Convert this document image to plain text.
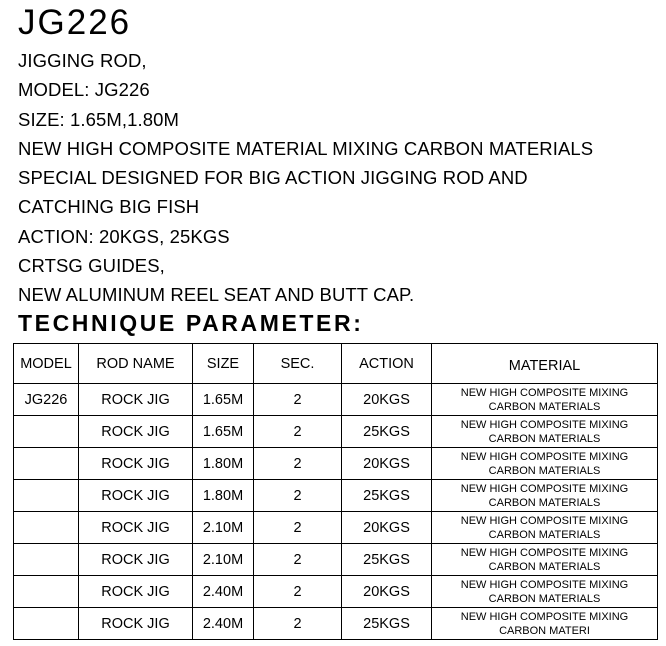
JG226
JIGGING ROD,
MODEL: JG226
SIZE: 1.65M,1.80M
NEW HIGH COMPOSITE MATERIAL MIXING CARBON MATERIALS
SPECIAL DESIGNED FOR BIG ACTION JIGGING ROD AND
CATCHING BIG FISH
ACTION: 20KGS, 25KGS
CRTSG GUIDES,
NEW ALUMINUM REEL SEAT AND BUTT CAP.
TECHNIQUE PARAMETER:
MODEL	ROD NAME	SIZE	SEC.	ACTION	MATERIAL
JG226	ROCK JIG	1.65M	2	20KGS	NEW HIGH COMPOSITE MIXING
CARBON MATERIALS
	ROCK JIG	1.65M	2	25KGS	NEW HIGH COMPOSITE MIXING
CARBON MATERIALS
	ROCK JIG	1.80M	2	20KGS	NEW HIGH COMPOSITE MIXING
CARBON MATERIALS
	ROCK JIG	1.80M	2	25KGS	NEW HIGH COMPOSITE MIXING
CARBON MATERIALS
	ROCK JIG	2.10M	2	20KGS	NEW HIGH COMPOSITE MIXING
CARBON MATERIALS
	ROCK JIG	2.10M	2	25KGS	NEW HIGH COMPOSITE MIXING
CARBON MATERIALS
	ROCK JIG	2.40M	2	20KGS	NEW HIGH COMPOSITE MIXING
CARBON MATERIALS
	ROCK JIG	2.40M	2	25KGS	NEW HIGH COMPOSITE MIXING
CARBON MATERI
